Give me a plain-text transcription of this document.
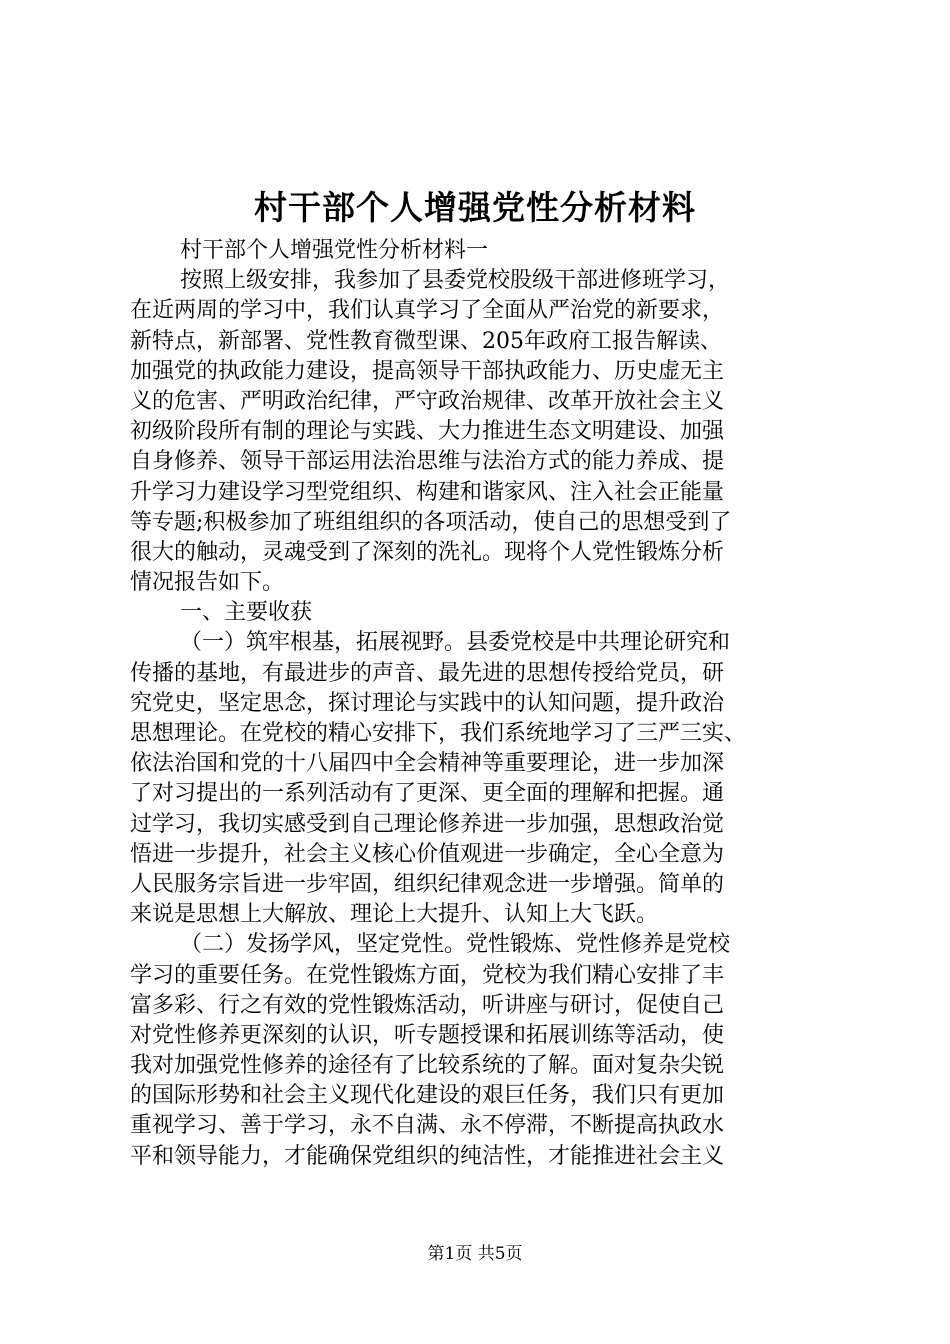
村干部个人增强党性分析材料
村干部个人增强党性分析材料一
按照上级安排，我参加了县委党校股级干部进修班学习，
在近两周的学习中，我们认真学习了全面从严治党的新要求，
新特点，新部署、党性教育微型课、205年政府工报告解读、
加强党的执政能力建设，提高领导干部执政能力、历史虚无主
义的危害、严明政治纪律，严守政治规律、改革开放社会主义
初级阶段所有制的理论与实践、大力推进生态文明建设、加强
自身修养、领导干部运用法治思维与法治方式的能力养成、提
升学习力建设学习型党组织、构建和谐家风、注入社会正能量
等专题;积极参加了班组组织的各项活动，使自己的思想受到了
很大的触动，灵魂受到了深刻的洗礼。现将个人党性锻炼分析
情况报告如下。
一、主要收获
（一）筑牢根基，拓展视野。县委党校是中共理论研究和
传播的基地，有最进步的声音、最先进的思想传授给党员，研
究党史，坚定思念，探讨理论与实践中的认知问题，提升政治
思想理论。在党校的精心安排下，我们系统地学习了三严三实、
依法治国和党的十八届四中全会精神等重要理论，进一步加深
了对习提出的一系列活动有了更深、更全面的理解和把握。通
过学习，我切实感受到自己理论修养进一步加强，思想政治觉
悟进一步提升，社会主义核心价值观进一步确定，全心全意为
人民服务宗旨进一步牢固，组织纪律观念进一步增强。简单的
来说是思想上大解放、理论上大提升、认知上大飞跃。
（二）发扬学风，坚定党性。党性锻炼、党性修养是党校
学习的重要任务。在党性锻炼方面，党校为我们精心安排了丰
富多彩、行之有效的党性锻炼活动，听讲座与研讨，促使自己
对党性修养更深刻的认识，听专题授课和拓展训练等活动，使
我对加强党性修养的途径有了比较系统的了解。面对复杂尖锐
的国际形势和社会主义现代化建设的艰巨任务，我们只有更加
重视学习、善于学习，永不自满、永不停滞，不断提高执政水
平和领导能力，才能确保党组织的纯洁性，才能推进社会主义
第1页 共5页
